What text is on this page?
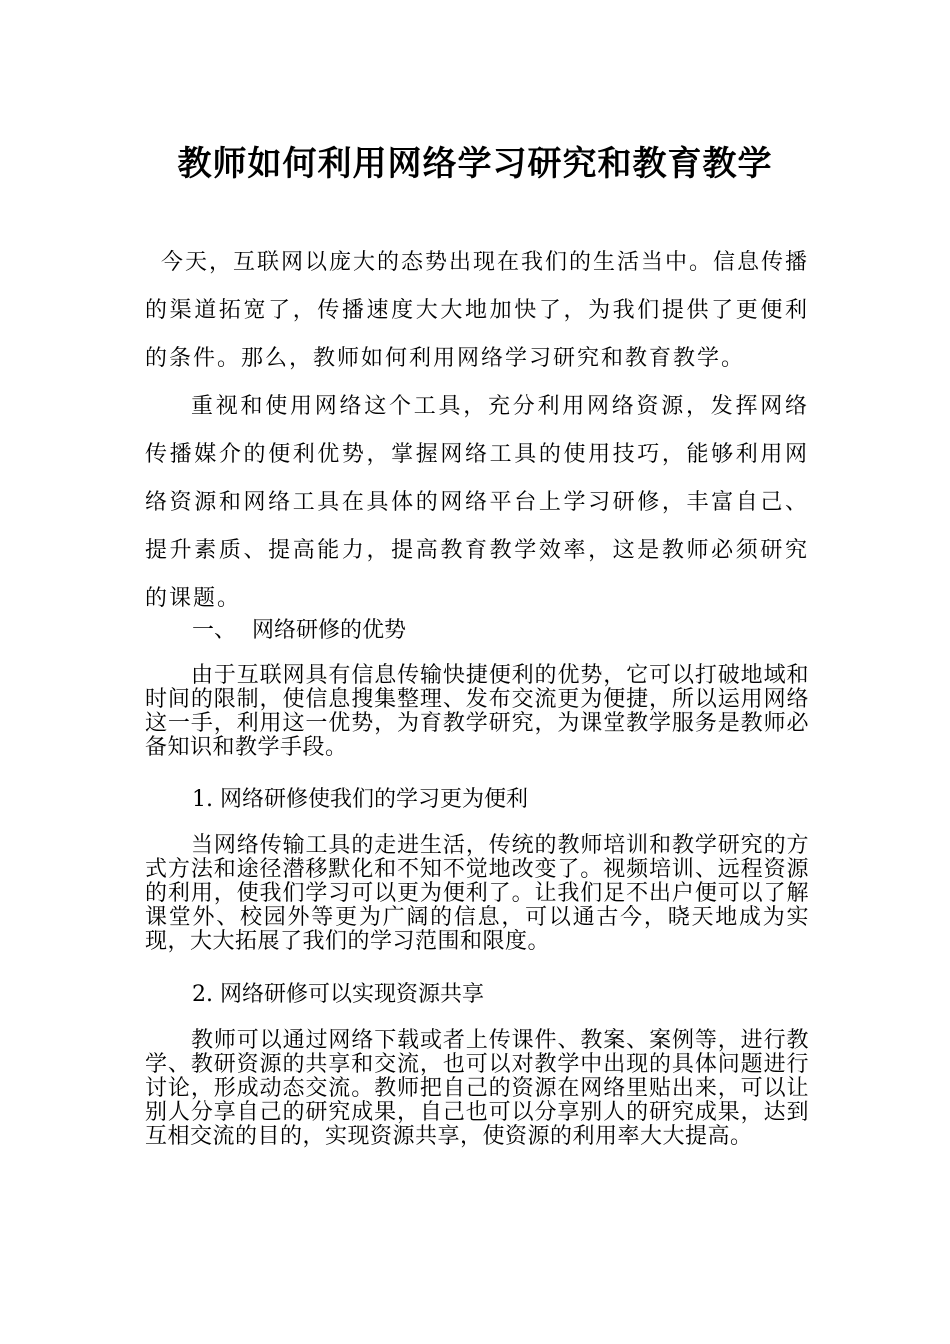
教师如何利用网络学习研究和教育教学

今天，互联网以庞大的态势出现在我们的生活当中。信息传播的渠道拓宽了，传播速度大大地加快了，为我们提供了更便利的条件。那么，教师如何利用网络学习研究和教育教学。

重视和使用网络这个工具，充分利用网络资源，发挥网络传播媒介的便利优势，掌握网络工具的使用技巧，能够利用网络资源和网络工具在具体的网络平台上学习研修，丰富自己、提升素质、提高能力，提高教育教学效率，这是教师必须研究的课题。

一、 网络研修的优势

由于互联网具有信息传输快捷便利的优势，它可以打破地域和时间的限制，使信息搜集整理、发布交流更为便捷，所以运用网络这一手，利用这一优势，为育教学研究，为课堂教学服务是教师必备知识和教学手段。

1. 网络研修使我们的学习更为便利

当网络传输工具的走进生活，传统的教师培训和教学研究的方式方法和途径潜移默化和不知不觉地改变了。视频培训、远程资源的利用，使我们学习可以更为便利了。让我们足不出户便可以了解课堂外、校园外等更为广阔的信息，可以通古今，晓天地成为实现，大大拓展了我们的学习范围和限度。

2. 网络研修可以实现资源共享

教师可以通过网络下载或者上传课件、教案、案例等，进行教学、教研资源的共享和交流，也可以对教学中出现的具体问题进行讨论，形成动态交流。教师把自己的资源在网络里贴出来，可以让别人分享自己的研究成果，自己也可以分享别人的研究成果，达到互相交流的目的，实现资源共享，使资源的利用率大大提高。
